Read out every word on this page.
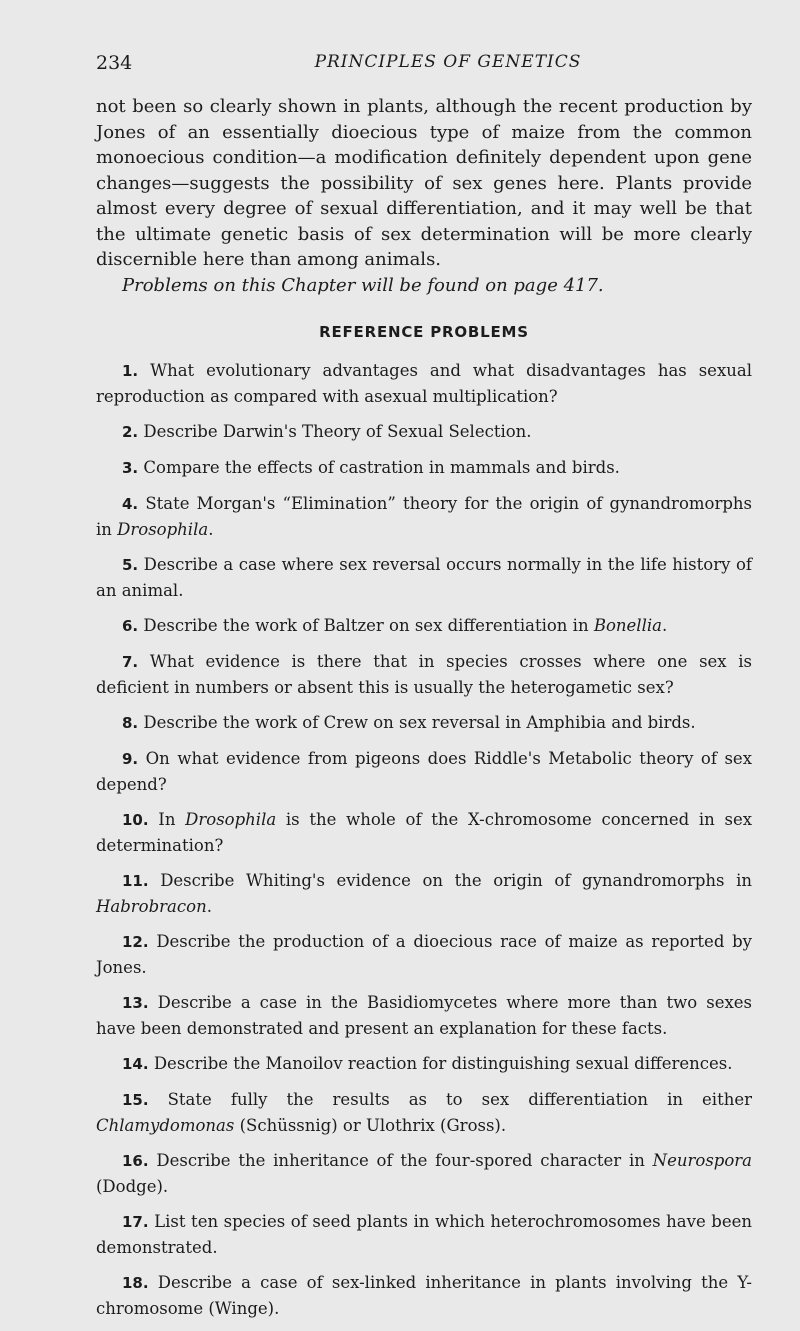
234	PRINCIPLES OF GENETICS

not been so clearly shown in plants, although the recent production by Jones of an essentially dioecious type of maize from the common monoecious condition—a modification definitely dependent upon gene changes—suggests the possibility of sex genes here. Plants provide almost every degree of sexual differentiation, and it may well be that the ultimate genetic basis of sex determination will be more clearly discernible here than among animals.

Problems on this Chapter will be found on page 417.

REFERENCE PROBLEMS
1. What evolutionary advantages and what disadvantages has sexual reproduction as compared with asexual multiplication?
2. Describe Darwin's Theory of Sexual Selection.
3. Compare the effects of castration in mammals and birds.
4. State Morgan's “Elimination” theory for the origin of gynandromorphs in Drosophila.
5. Describe a case where sex reversal occurs normally in the life history of an animal.
6. Describe the work of Baltzer on sex differentiation in Bonellia.
7. What evidence is there that in species crosses where one sex is deficient in numbers or absent this is usually the heterogametic sex?
8. Describe the work of Crew on sex reversal in Amphibia and birds.
9. On what evidence from pigeons does Riddle's Metabolic theory of sex depend?
10. In Drosophila is the whole of the X-chromosome concerned in sex determination?
11. Describe Whiting's evidence on the origin of gynandromorphs in Habrobracon.
12. Describe the production of a dioecious race of maize as reported by Jones.
13. Describe a case in the Basidiomycetes where more than two sexes have been demonstrated and present an explanation for these facts.
14. Describe the Manoilov reaction for distinguishing sexual differences.
15. State fully the results as to sex differentiation in either Chlamydomonas (Schüssnig) or Ulothrix (Gross).
16. Describe the inheritance of the four-spored character in Neurospora (Dodge).
17. List ten species of seed plants in which heterochromosomes have been demonstrated.
18. Describe a case of sex-linked inheritance in plants involving the Y-chromosome (Winge).
